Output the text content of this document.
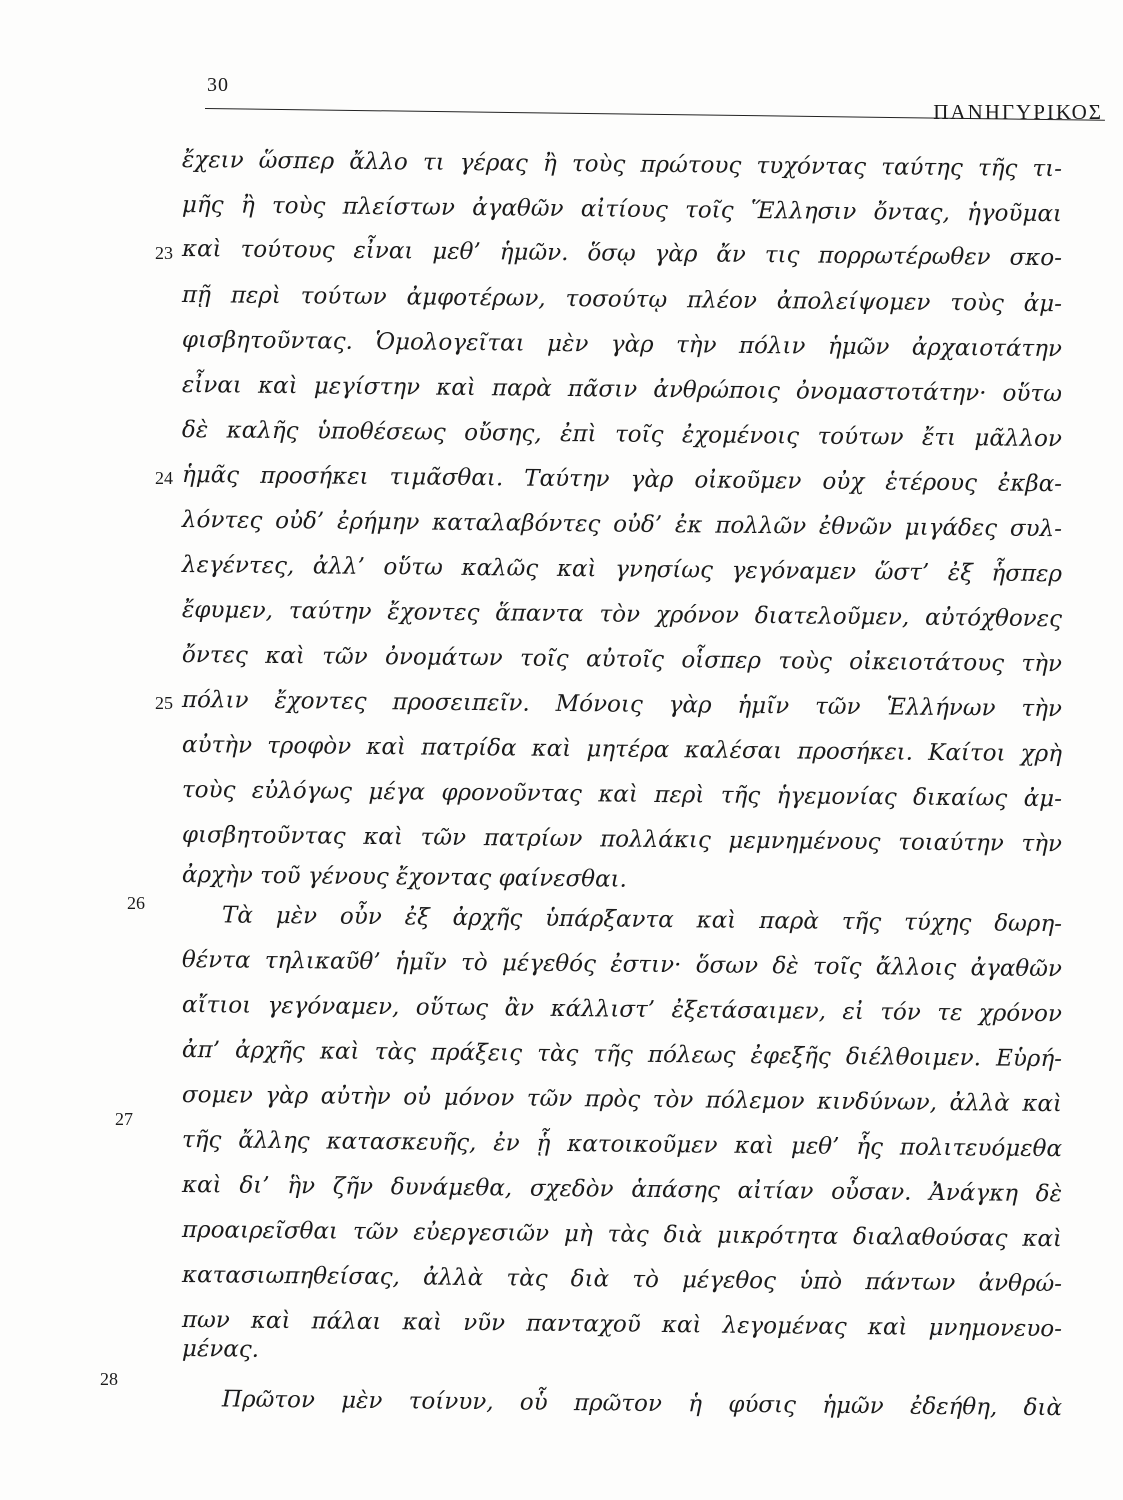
30
ΠΑΝΗΓΥΡΙΚΟΣ
ἔχειν ὥσπερ ἄλλο τι γέρας ἢ τοὺς πρώτους τυχόντας ταύτης τῆς τι-
μῆς ἢ τοὺς πλείστων ἀγαθῶν αἰτίους τοῖς Ἕλλησιν ὄντας, ἡγοῦμαι
23 καὶ τούτους εἶναι μεθ’ ἡμῶν. ὅσῳ γὰρ ἄν τις πορρωτέρωθεν σκο-
πῇ περὶ τούτων ἀμφοτέρων, τοσούτῳ πλέον ἀπολείψομεν τοὺς ἀμ-
φισβητοῦντας. Ὁμολογεῖται μὲν γὰρ τὴν πόλιν ἡμῶν ἀρχαιοτάτην
εἶναι καὶ μεγίστην καὶ παρὰ πᾶσιν ἀνθρώποις ὀνομαστοτάτην· οὕτω
δὲ καλῆς ὑποθέσεως οὔσης, ἐπὶ τοῖς ἐχομένοις τούτων ἔτι μᾶλλον
24 ἡμᾶς προσήκει τιμᾶσθαι. Ταύτην γὰρ οἰκοῦμεν οὐχ ἑτέρους ἐκβα-
λόντες οὐδ’ ἐρήμην καταλαβόντες οὐδ’ ἐκ πολλῶν ἐθνῶν μιγάδες συλ-
λεγέντες, ἀλλ’ οὕτω καλῶς καὶ γνησίως γεγόναμεν ὥστ’ ἐξ ἧσπερ
ἔφυμεν, ταύτην ἔχοντες ἅπαντα τὸν χρόνον διατελοῦμεν, αὐτόχθονες
ὄντες καὶ τῶν ὀνομάτων τοῖς αὐτοῖς οἷσπερ τοὺς οἰκειοτάτους τὴν
25 πόλιν ἔχοντες προσειπεῖν. Μόνοις γὰρ ἡμῖν τῶν Ἑλλήνων τὴν
αὐτὴν τροφὸν καὶ πατρίδα καὶ μητέρα καλέσαι προσήκει. Καίτοι χρὴ
τοὺς εὐλόγως μέγα φρονοῦντας καὶ περὶ τῆς ἡγεμονίας δικαίως ἀμ-
φισβητοῦντας καὶ τῶν πατρίων πολλάκις μεμνημένους τοιαύτην τὴν
ἀρχὴν τοῦ γένους ἔχοντας φαίνεσθαι.
26	Τὰ μὲν οὖν ἐξ ἀρχῆς ὑπάρξαντα καὶ παρὰ τῆς τύχης δωρη-
θέντα τηλικαῦθ’ ἡμῖν τὸ μέγεθός ἐστιν· ὅσων δὲ τοῖς ἄλλοις ἀγαθῶν
αἴτιοι γεγόναμεν, οὕτως ἂν κάλλιστ’ ἐξετάσαιμεν, εἰ τόν τε χρόνον
ἀπ’ ἀρχῆς καὶ τὰς πράξεις τὰς τῆς πόλεως ἐφεξῆς διέλθοιμεν. Εὑρή-
σομεν γὰρ αὐτὴν οὐ μόνον τῶν πρὸς τὸν πόλεμον κινδύνων, ἀλλὰ καὶ
27
τῆς ἄλλης κατασκευῆς, ἐν ᾗ κατοικοῦμεν καὶ μεθ’ ἧς πολιτευόμεθα
καὶ δι’ ἣν ζῆν δυνάμεθα, σχεδὸν ἁπάσης αἰτίαν οὖσαν. Ἀνάγκη δὲ
προαιρεῖσθαι τῶν εὐεργεσιῶν μὴ τὰς διὰ μικρότητα διαλαθούσας καὶ
κατασιωπηθείσας, ἀλλὰ τὰς διὰ τὸ μέγεθος ὑπὸ πάντων ἀνθρώ-
πων καὶ πάλαι καὶ νῦν πανταχοῦ καὶ λεγομένας καὶ μνημονευο-
μένας.
28
Πρῶτον μὲν τοίνυν, οὗ πρῶτον ἡ φύσις ἡμῶν ἐδεήθη, διὰ
